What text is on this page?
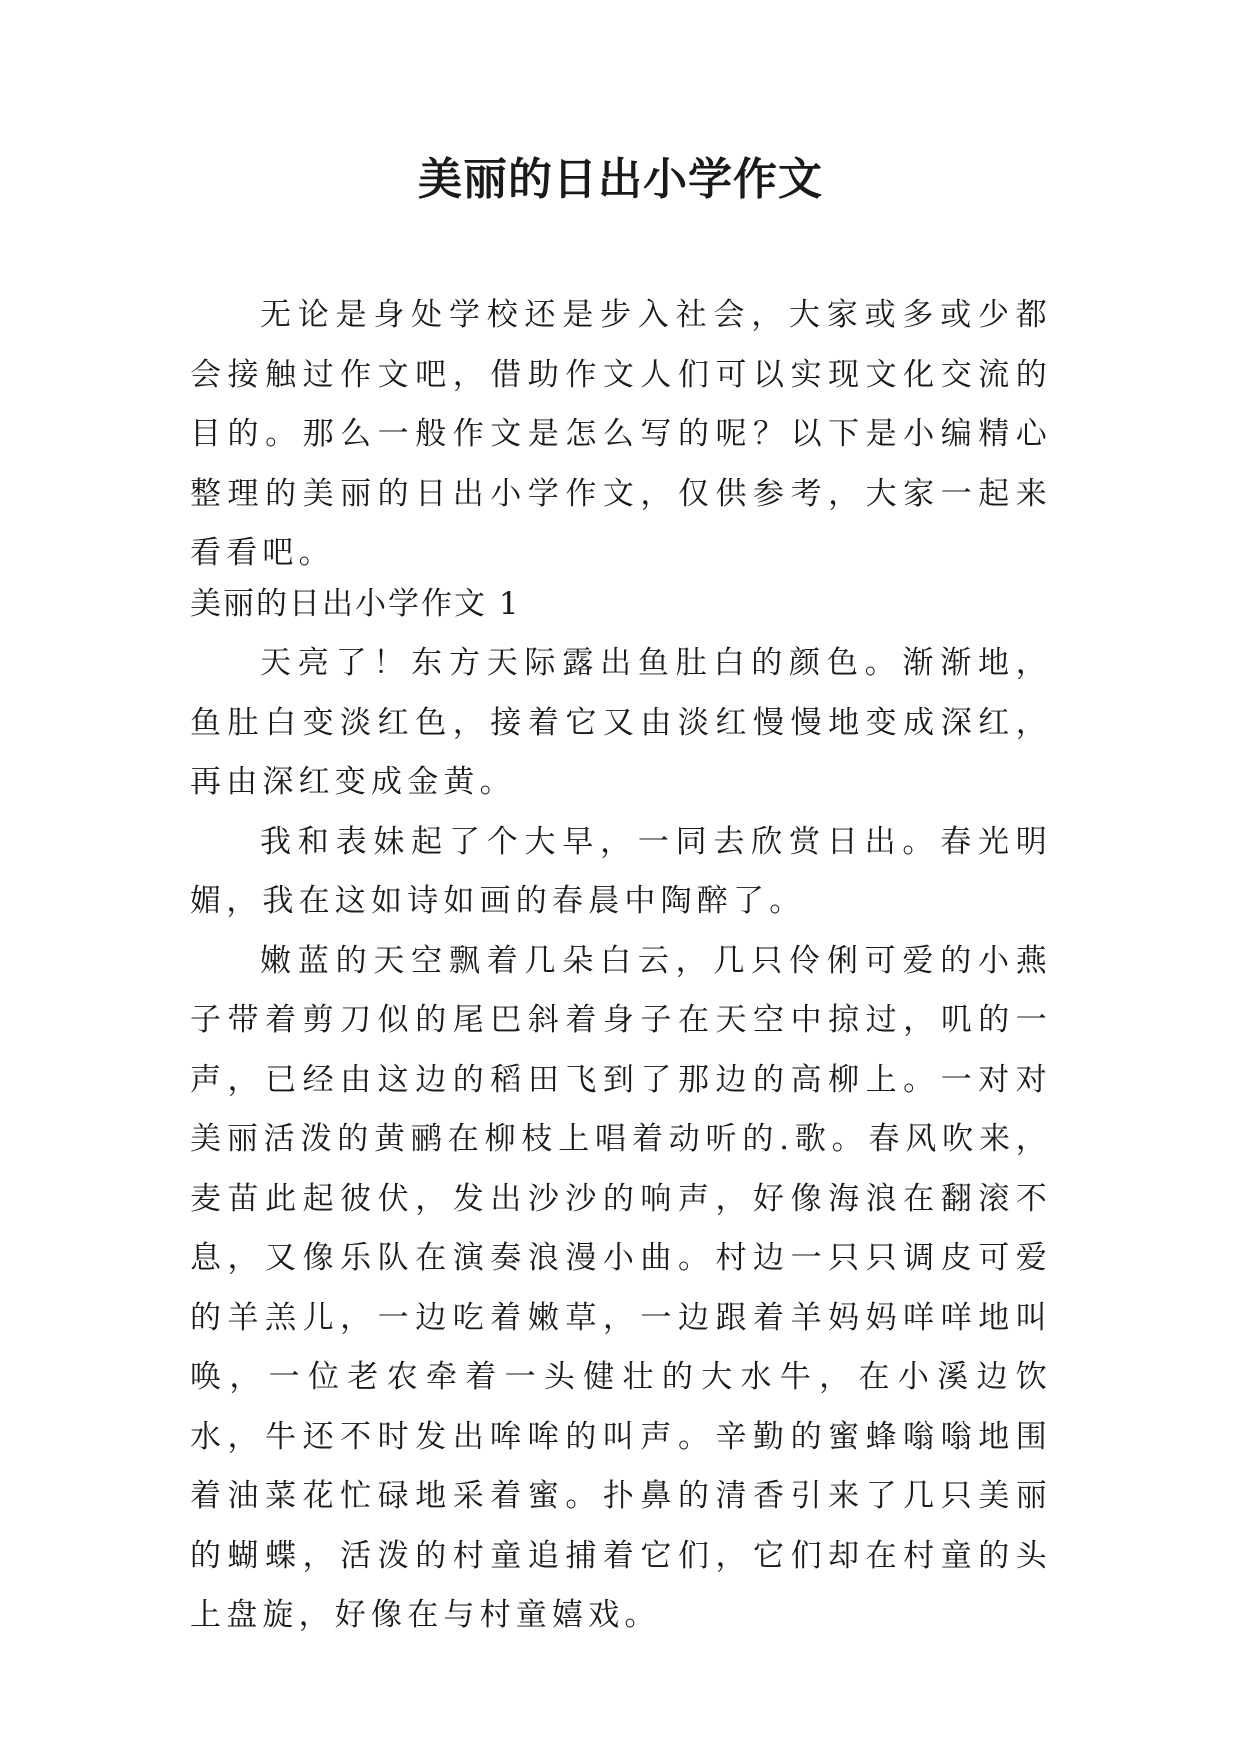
美丽的日出小学作文

无论是身处学校还是步入社会，大家或多或少都会接触过作文吧，借助作文人们可以实现文化交流的目的。那么一般作文是怎么写的呢？以下是小编精心整理的美丽的日出小学作文，仅供参考，大家一起来看看吧。

美丽的日出小学作文 1

天亮了！东方天际露出鱼肚白的颜色。渐渐地，鱼肚白变淡红色，接着它又由淡红慢慢地变成深红，再由深红变成金黄。

我和表妹起了个大早，一同去欣赏日出。春光明媚，我在这如诗如画的春晨中陶醉了。

嫩蓝的天空飘着几朵白云，几只伶俐可爱的小燕子带着剪刀似的尾巴斜着身子在天空中掠过，叽的一声，已经由这边的稻田飞到了那边的高柳上。一对对美丽活泼的黄鹂在柳枝上唱着动听的.歌。春风吹来，麦苗此起彼伏，发出沙沙的响声，好像海浪在翻滚不息，又像乐队在演奏浪漫小曲。村边一只只调皮可爱的羊羔儿，一边吃着嫩草，一边跟着羊妈妈咩咩地叫唤，一位老农牵着一头健壮的大水牛，在小溪边饮水，牛还不时发出哞哞的叫声。辛勤的蜜蜂嗡嗡地围着油菜花忙碌地采着蜜。扑鼻的清香引来了几只美丽的蝴蝶，活泼的村童追捕着它们，它们却在村童的头上盘旋，好像在与村童嬉戏。
